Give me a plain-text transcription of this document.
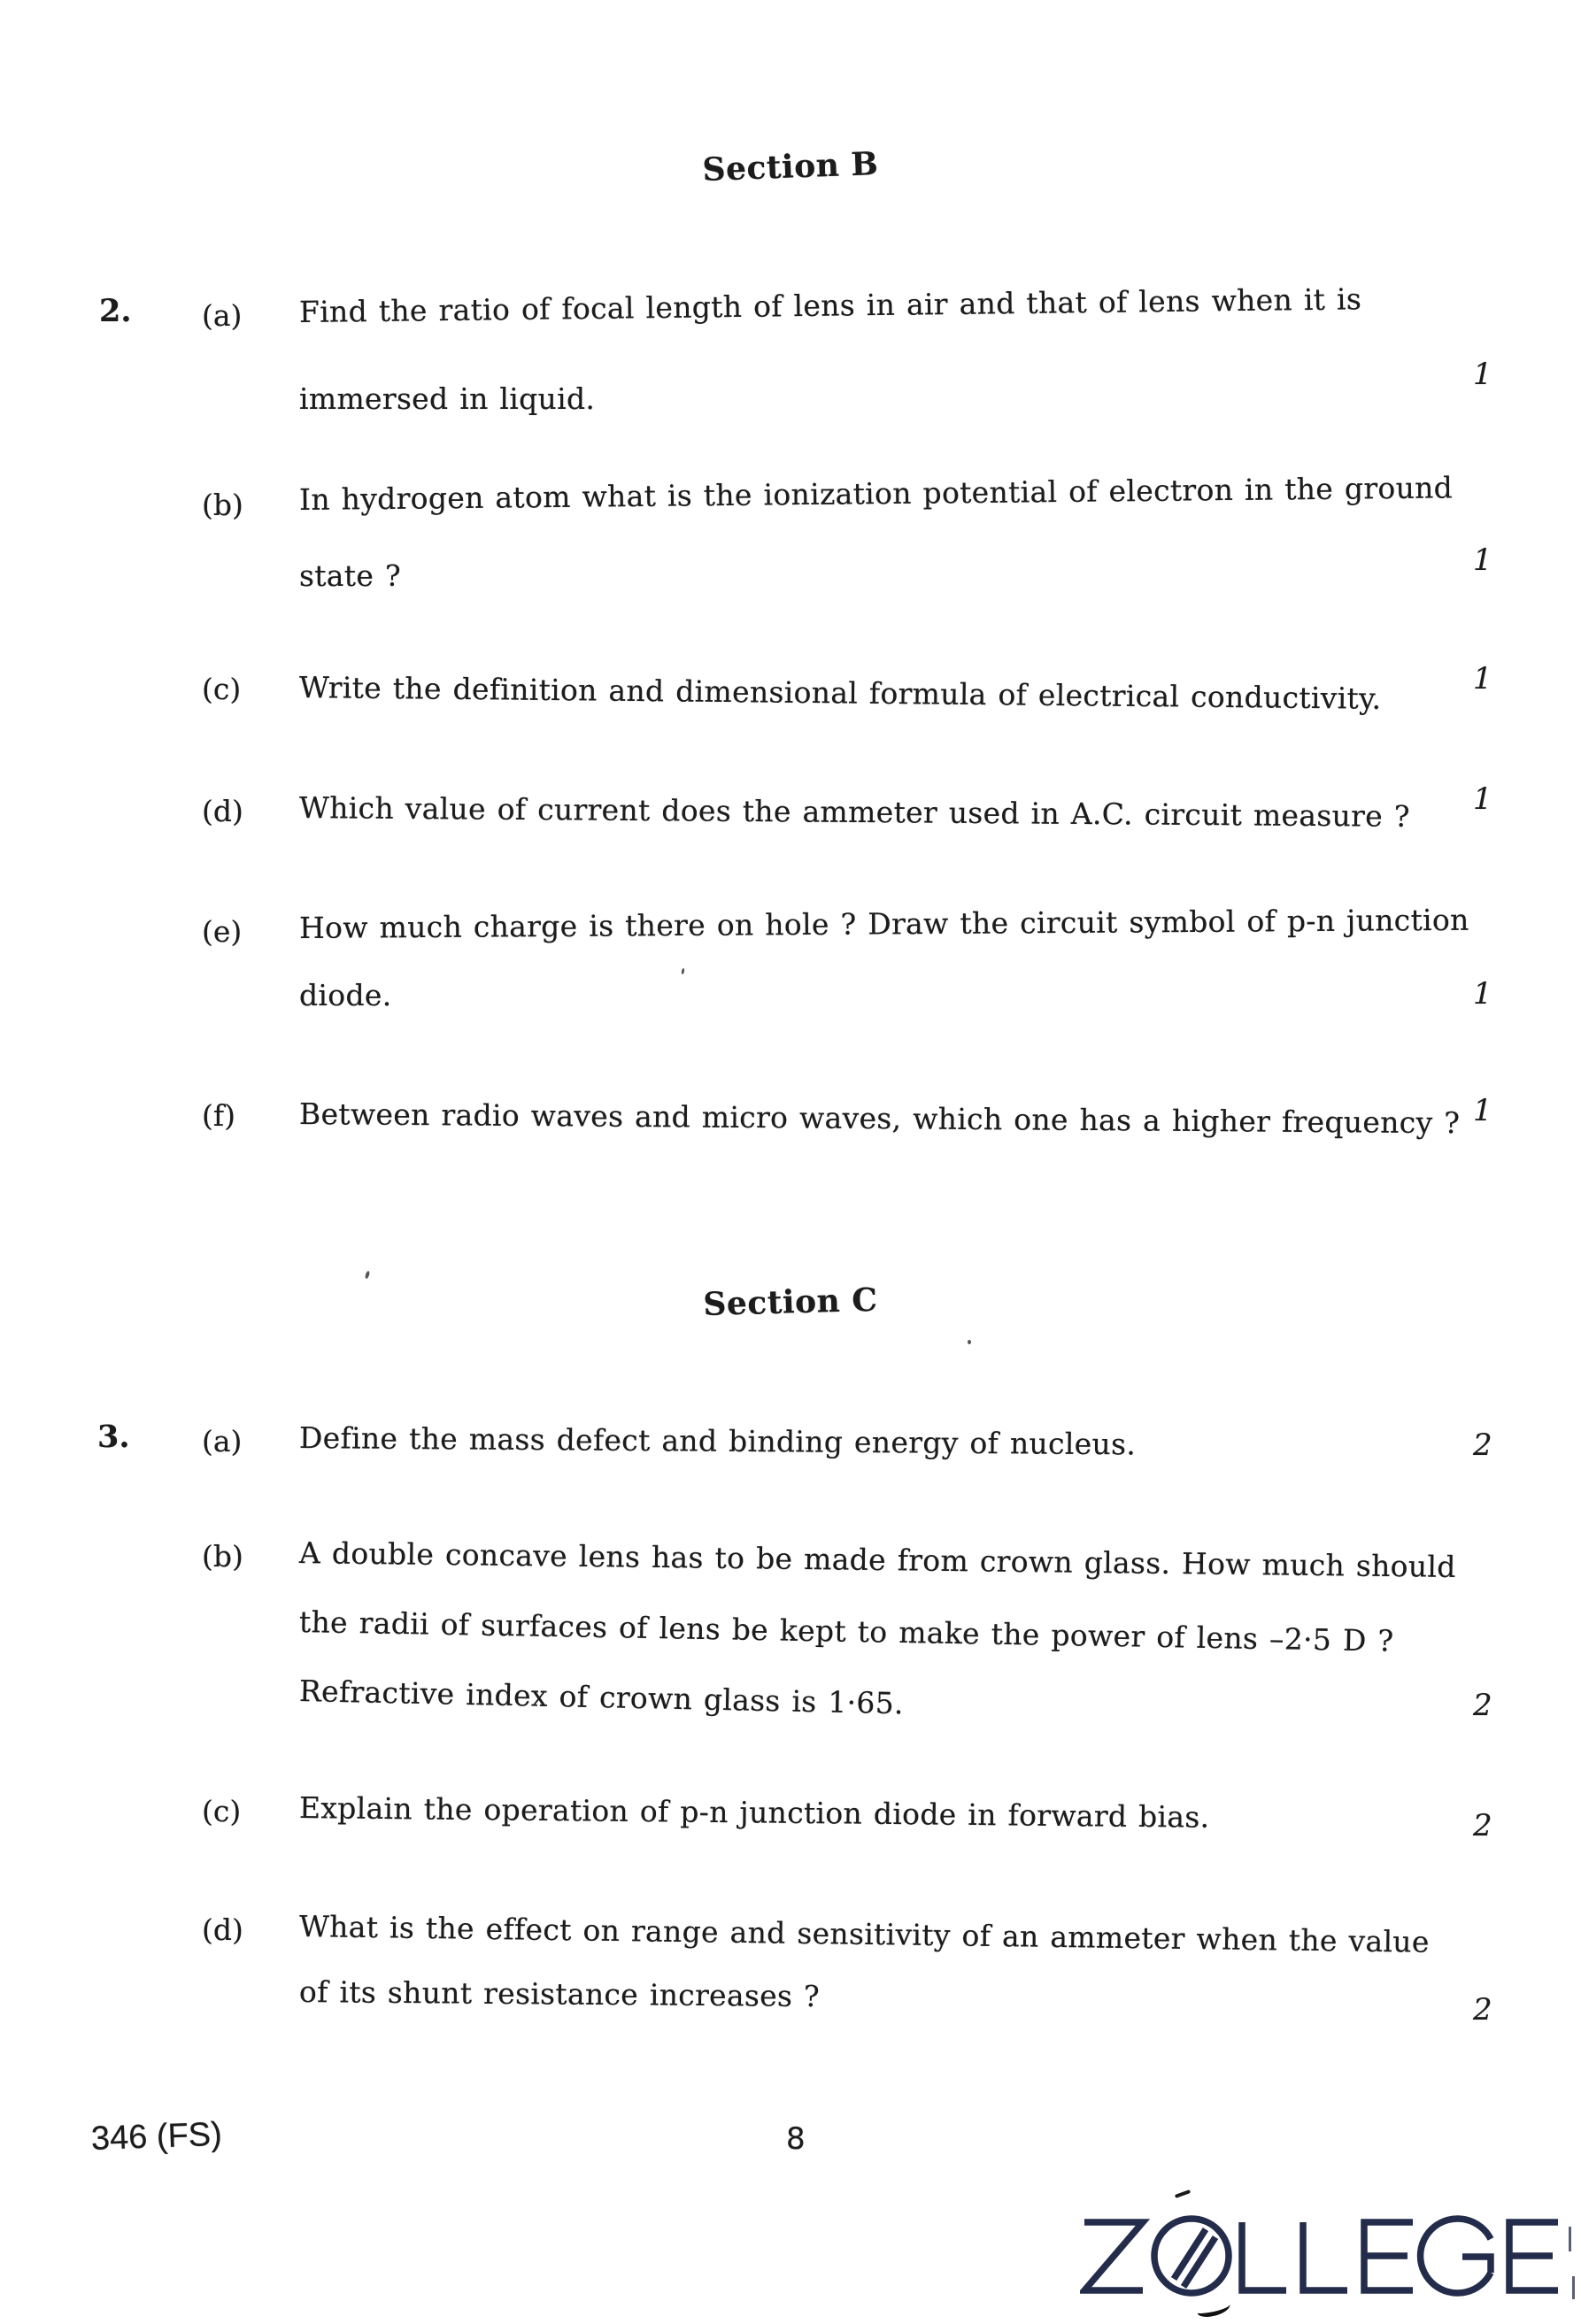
Section B
2. (a) Find the ratio of focal length of lens in air and that of lens when it is
immersed in liquid.
1
(b) In hydrogen atom what is the ionization potential of electron in the ground
state ?	1
(c) Write the definition and dimensional formula of electrical conductivity.	1
(d) Which value of current does the ammeter used in A.C. circuit measure ? 1
(e) How much charge is there on hole ? Draw the circuit symbol of p-n junction
diode.	1
(f) Between radio waves and micro waves, which one has a higher frequency ? 1
Section C
3. (a) Define the mass defect and binding energy of nucleus.	2
(b) A double concave lens has to be made from crown glass. How much should
the radii of surfaces of lens be kept to make the power of lens –2·5 D ?
Refractive index of crown glass is 1·65.	2
(c) Explain the operation of p-n junction diode in forward bias.	2
(d) What is the effect on range and sensitivity of an ammeter when the value
of its shunt resistance increases ?	2
346 (FS)	8
